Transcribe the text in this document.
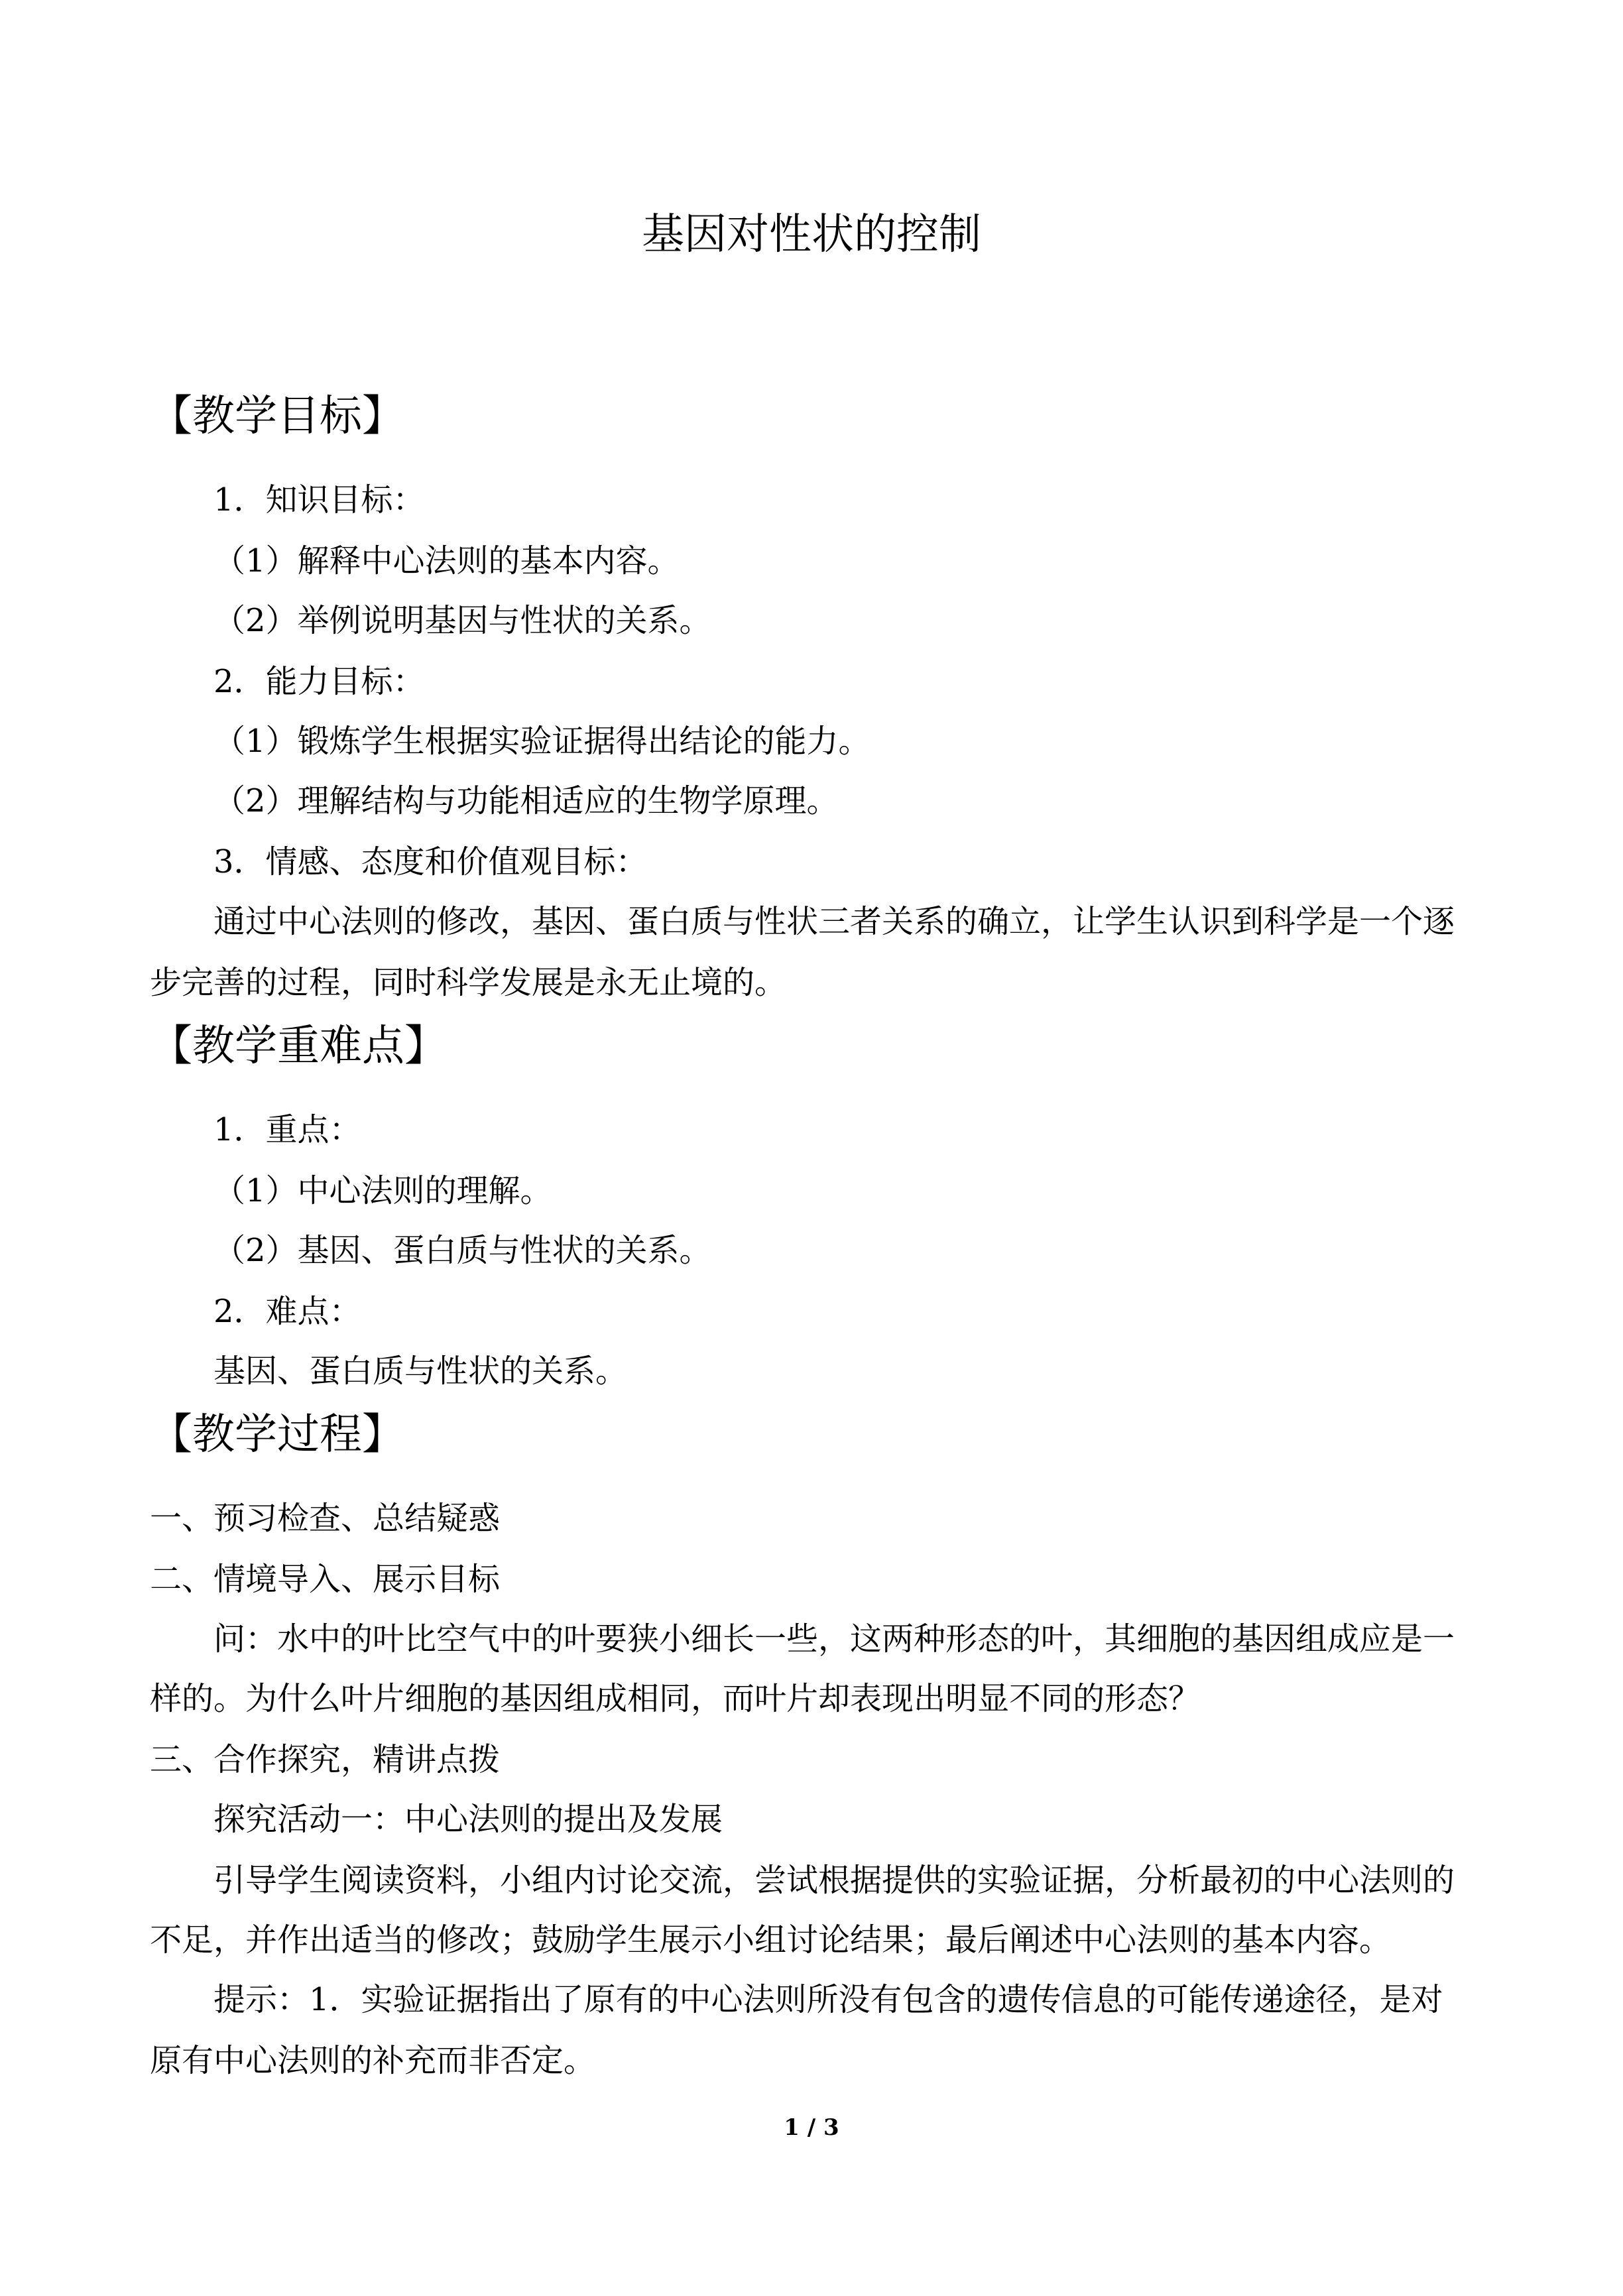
基因对性状的控制
【教学目标】
1．知识目标：
（1）解释中心法则的基本内容。
（2）举例说明基因与性状的关系。
2．能力目标：
（1）锻炼学生根据实验证据得出结论的能力。
（2）理解结构与功能相适应的生物学原理。
3．情感、态度和价值观目标：
通过中心法则的修改，基因、蛋白质与性状三者关系的确立，让学生认识到科学是一个逐
步完善的过程，同时科学发展是永无止境的。
【教学重难点】
1．重点：
（1）中心法则的理解。
（2）基因、蛋白质与性状的关系。
2．难点：
基因、蛋白质与性状的关系。
【教学过程】
一、预习检查、总结疑惑
二、情境导入、展示目标
问：水中的叶比空气中的叶要狭小细长一些，这两种形态的叶，其细胞的基因组成应是一
样的。为什么叶片细胞的基因组成相同，而叶片却表现出明显不同的形态？
三、合作探究，精讲点拨
探究活动一：中心法则的提出及发展
引导学生阅读资料，小组内讨论交流，尝试根据提供的实验证据，分析最初的中心法则的
不足，并作出适当的修改；鼓励学生展示小组讨论结果；最后阐述中心法则的基本内容。
提示：1．实验证据指出了原有的中心法则所没有包含的遗传信息的可能传递途径，是对
原有中心法则的补充而非否定。
1 / 3
